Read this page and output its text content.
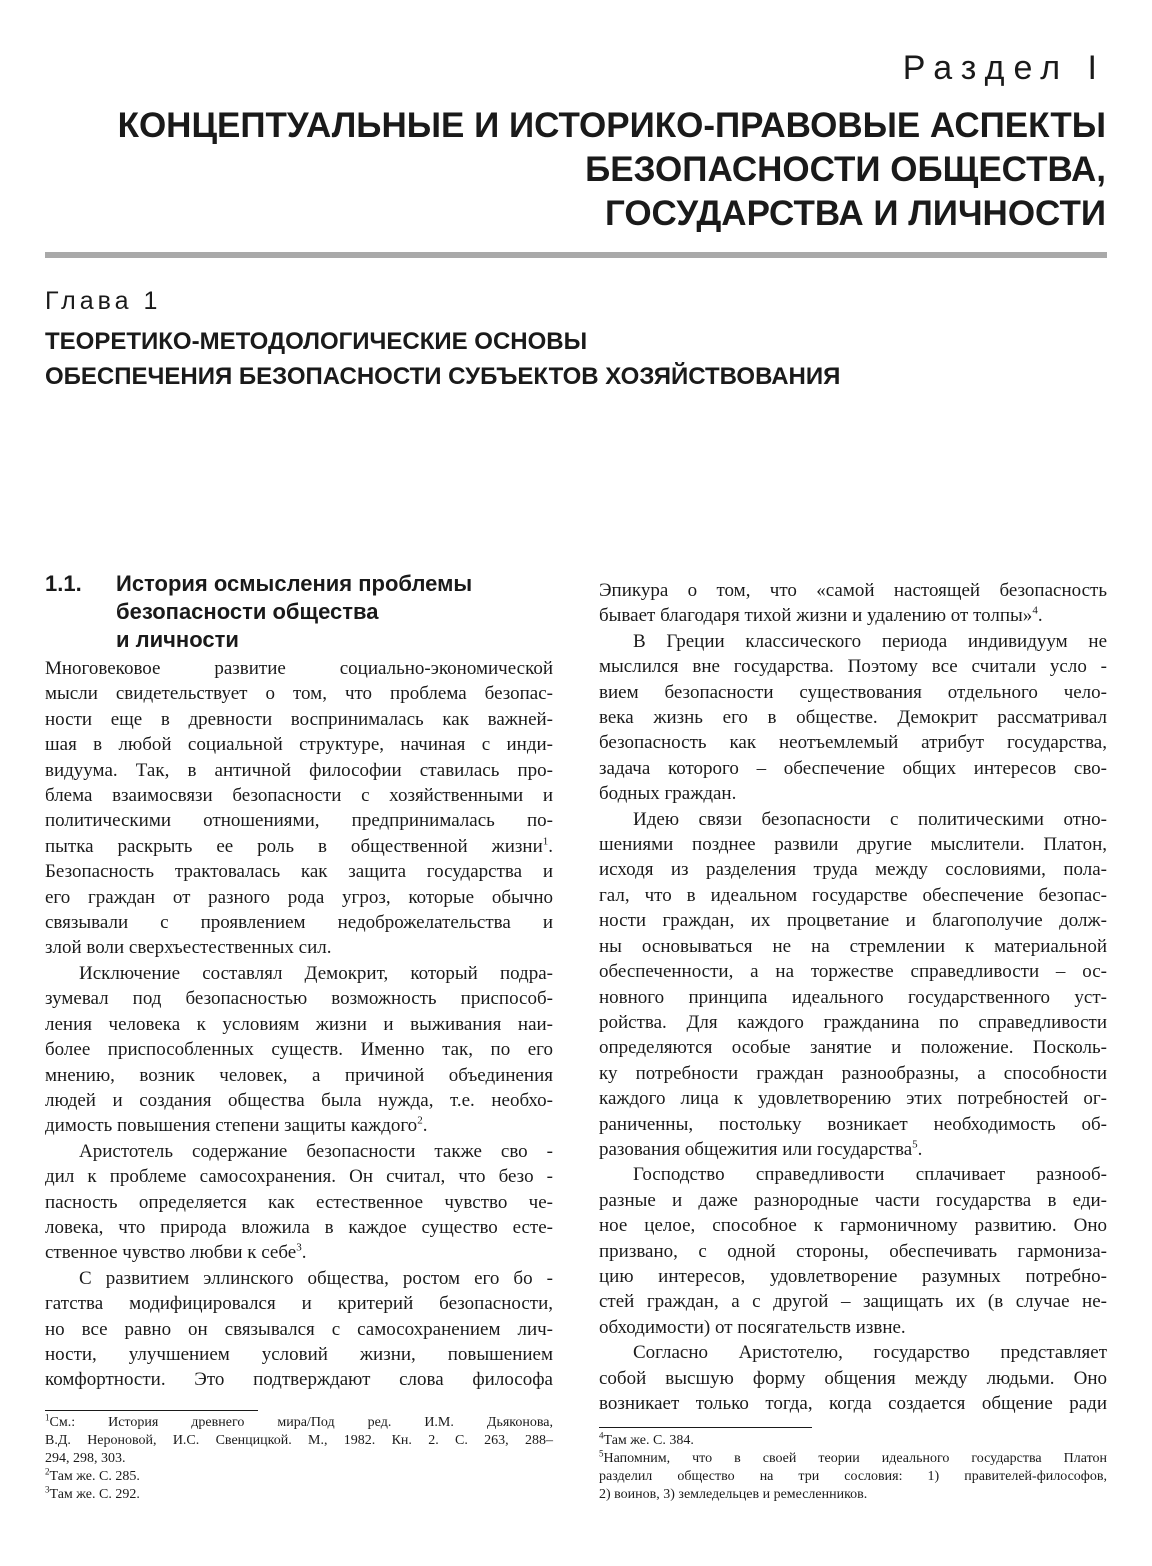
Раздел I
КОНЦЕПТУАЛЬНЫЕ И ИСТОРИКО-ПРАВОВЫЕ АСПЕКТЫ
БЕЗОПАСНОСТИ ОБЩЕСТВА,
ГОСУДАРСТВА И ЛИЧНОСТИ
Глава 1
ТЕОРЕТИКО-МЕТОДОЛОГИЧЕСКИЕ ОСНОВЫ
ОБЕСПЕЧЕНИЯ БЕЗОПАСНОСТИ СУБЪЕКТОВ ХОЗЯЙСТВОВАНИЯ
1.1.	История осмысления проблемы
безопасности общества
и личности
Многовековое развитие социально-экономической
мысли свидетельствует о том, что проблема безопас-
ности еще в древности воспринималась как важней-
шая в любой социальной структуре, начиная с инди-
видуума. Так, в античной философии ставилась про-
блема взаимосвязи безопасности с хозяйственными и
политическими отношениями, предпринималась по-
пытка раскрыть ее роль в общественной жизни$^1$.
Безопасность трактовалась как защита государства и
его граждан от разного рода угроз, которые обычно
связывали с проявлением недоброжелательства и
злой воли сверхъестественных сил.
Исключение составлял Демокрит, который подра-
зумевал под безопасностью возможность приспособ-
ления человека к условиям жизни и выживания наи-
более приспособленных существ. Именно так, по его
мнению, возник человек, а причиной объединения
людей и создания общества была нужда, т.е. необхо-
димость повышения степени защиты каждого$^2$.
Аристотель содержание безопасности также сво -
дил к проблеме самосохранения. Он считал, что безо -
пасность определяется как естественное чувство че-
ловека, что природа вложила в каждое существо есте-
ственное чувство любви к себе$^3$.
С развитием эллинского общества, ростом его бо -
гатства модифицировался и критерий безопасности,
но все равно он связывался с самосохранением лич-
ности, улучшением условий жизни, повышением
комфортности. Это подтверждают слова философа
Эпикура о том, что «самой настоящей безопасность
бывает благодаря тихой жизни и удалению от толпы»$^4$.
В Греции классического периода индивидуум не
мыслился вне государства. Поэтому все считали усло -
вием безопасности существования отдельного чело-
века жизнь его в обществе. Демокрит рассматривал
безопасность как неотъемлемый атрибут государства,
задача которого – обеспечение общих интересов сво-
бодных граждан.
Идею связи безопасности с политическими отно-
шениями позднее развили другие мыслители. Платон,
исходя из разделения труда между сословиями, пола-
гал, что в идеальном государстве обеспечение безопас-
ности граждан, их процветание и благополучие долж-
ны основываться не на стремлении к материальной
обеспеченности, а на торжестве справедливости – ос-
новного принципа идеального государственного уст-
ройства. Для каждого гражданина по справедливости
определяются особые занятие и положение. Посколь-
ку потребности граждан разнообразны, а способности
каждого лица к удовлетворению этих потребностей ог-
раниченны, постольку возникает необходимость об-
разования общежития или государства$^5$.
Господство справедливости сплачивает разнооб-
разные и даже разнородные части государства в еди-
ное целое, способное к гармоничному развитию. Оно
призвано, с одной стороны, обеспечивать гармониза-
цию интересов, удовлетворение разумных потребно-
стей граждан, а с другой – защищать их (в случае не-
обходимости) от посягательств извне.
Согласно Аристотелю, государство представляет
собой высшую форму общения между людьми. Оно
возникает только тогда, когда создается общение ради
$^1$См.: История древнего мира/Под ред. И.М. Дьяконова,
В.Д. Нероновой, И.С. Свенцицкой. М., 1982. Кн. 2. С. 263, 288–
294, 298, 303.
$^2$Там же. С. 285.
$^3$Там же. С. 292.
$^4$Там же. С. 384.
$^5$Напомним, что в своей теории идеального государства Платон
разделил общество на три сословия: 1) правителей-философов,
2) воинов, 3) земледельцев и ремесленников.
